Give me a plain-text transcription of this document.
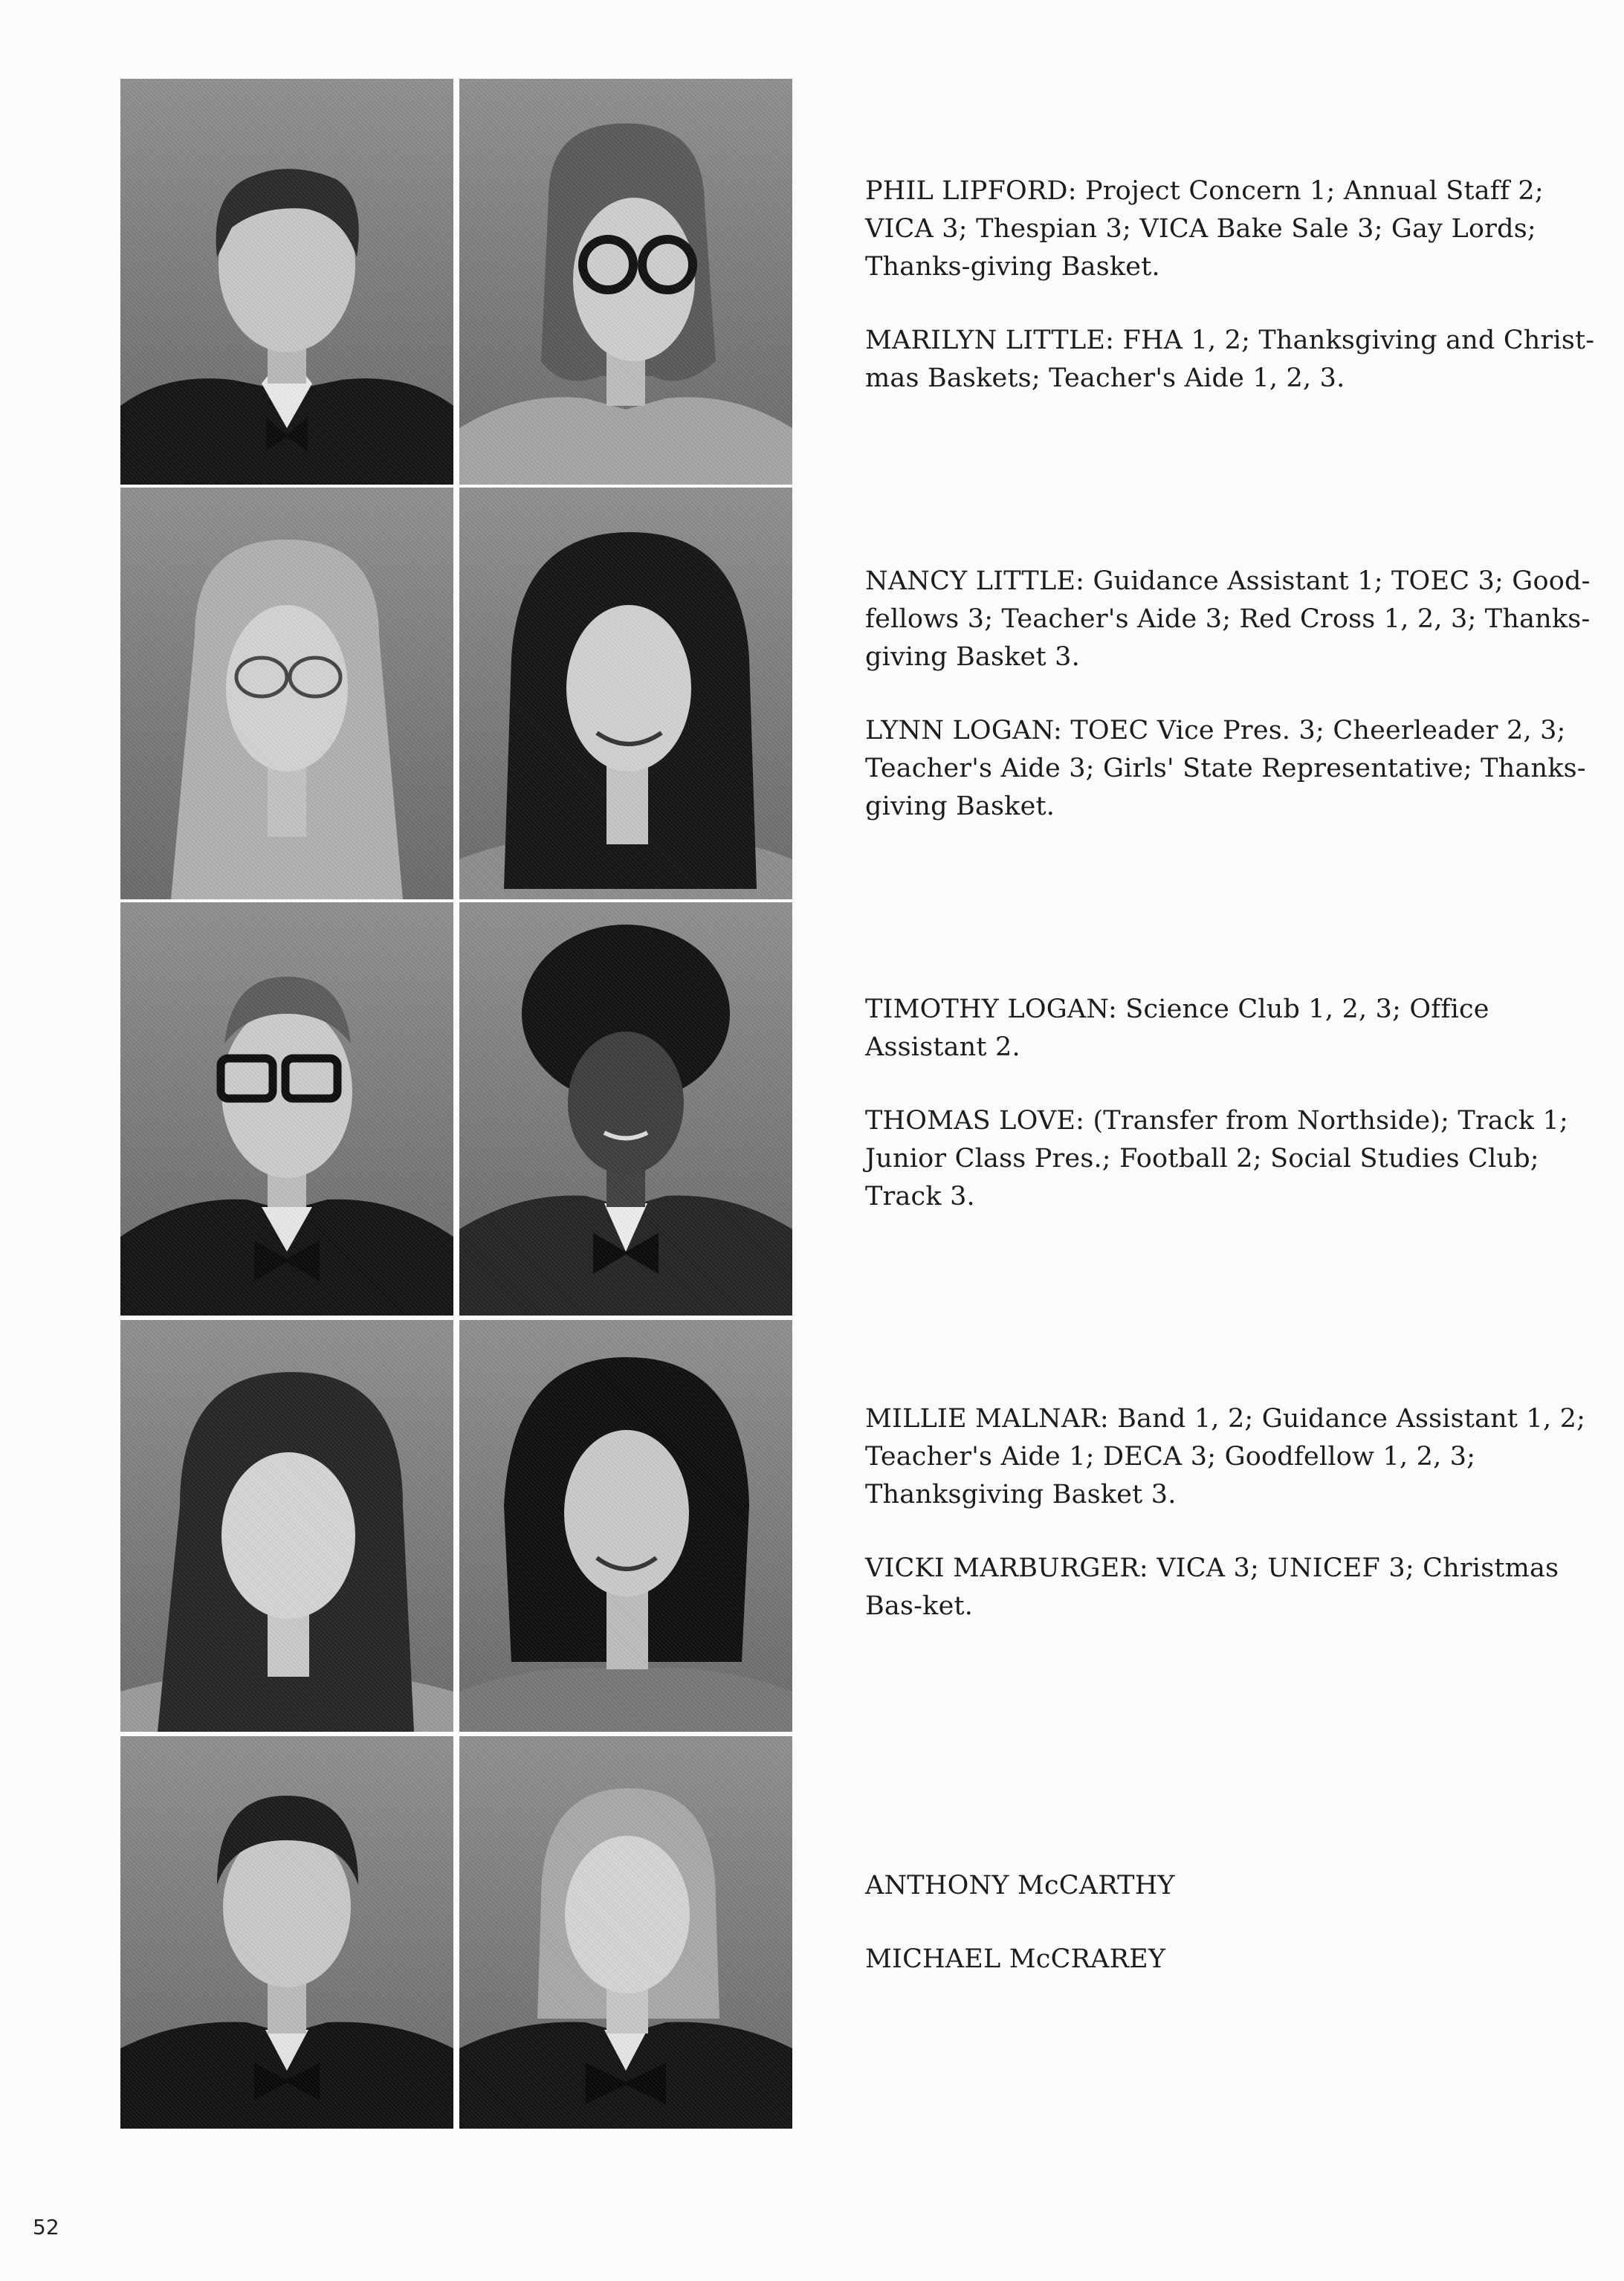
PHIL LIPFORD: Project Concern 1; Annual Staff 2; VICA 3; Thespian 3; VICA Bake Sale 3; Gay Lords; Thanks-giving Basket.

MARILYN LITTLE: FHA 1, 2; Thanksgiving and Christ-mas Baskets; Teacher's Aide 1, 2, 3.

NANCY LITTLE: Guidance Assistant 1; TOEC 3; Good-fellows 3; Teacher's Aide 3; Red Cross 1, 2, 3; Thanks-giving Basket 3.

LYNN LOGAN: TOEC Vice Pres. 3; Cheerleader 2, 3; Teacher's Aide 3; Girls' State Representative; Thanks-giving Basket.

TIMOTHY LOGAN: Science Club 1, 2, 3; Office Assistant 2.

THOMAS LOVE: (Transfer from Northside); Track 1; Junior Class Pres.; Football 2; Social Studies Club; Track 3.

MILLIE MALNAR: Band 1, 2; Guidance Assistant 1, 2; Teacher's Aide 1; DECA 3; Goodfellow 1, 2, 3; Thanksgiving Basket 3.

VICKI MARBURGER: VICA 3; UNICEF 3; Christmas Bas-ket.

ANTHONY McCARTHY

MICHAEL McCRAREY

52
